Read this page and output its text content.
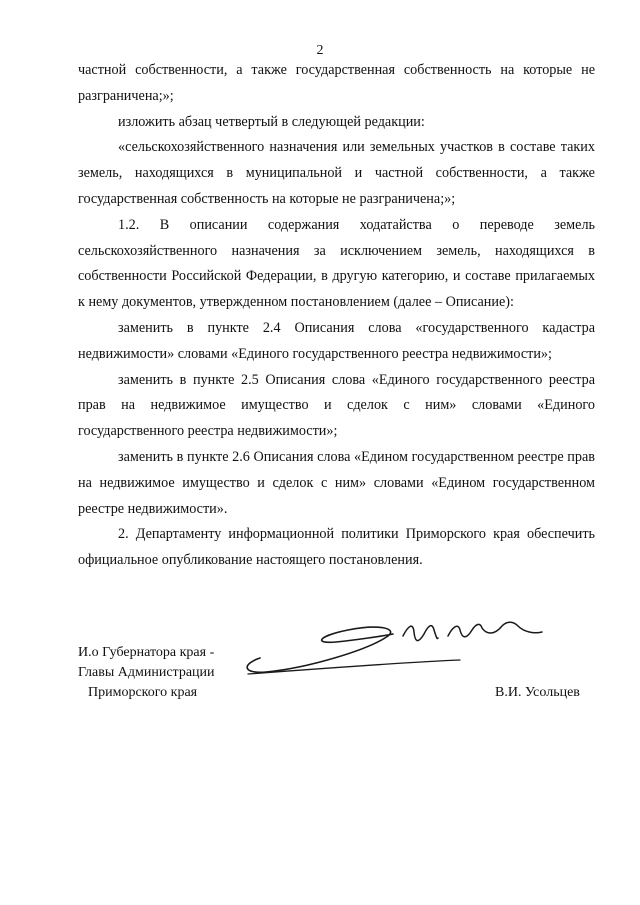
2

частной собственности, а также государственная собственность на которые не разграничена;»;

изложить абзац четвертый в следующей редакции:

«сельскохозяйственного назначения или земельных участков в составе таких земель, находящихся в муниципальной и частной собственности, а также государственная собственность на которые не разграничена;»;

1.2. В описании содержания ходатайства о переводе земель сельскохозяйственного назначения за исключением земель, находящихся в собственности Российской Федерации, в другую категорию, и составе прилагаемых к нему документов, утвержденном постановлением (далее – Описание):

заменить в пункте 2.4 Описания слова «государственного кадастра недвижимости» словами «Единого государственного реестра недвижимости»;

заменить в пункте 2.5 Описания слова «Единого государственного реестра прав на недвижимое имущество и сделок с ним» словами «Единого государственного реестра недвижимости»;

заменить в пункте 2.6 Описания слова «Едином государственном реестре прав на недвижимое имущество и сделок с ним» словами «Едином государственном реестре недвижимости».

2. Департаменту информационной политики Приморского края обеспечить официальное опубликование настоящего постановления.

И.о Губернатора края -
Главы Администрации
Приморского края	В.И. Усольцев
